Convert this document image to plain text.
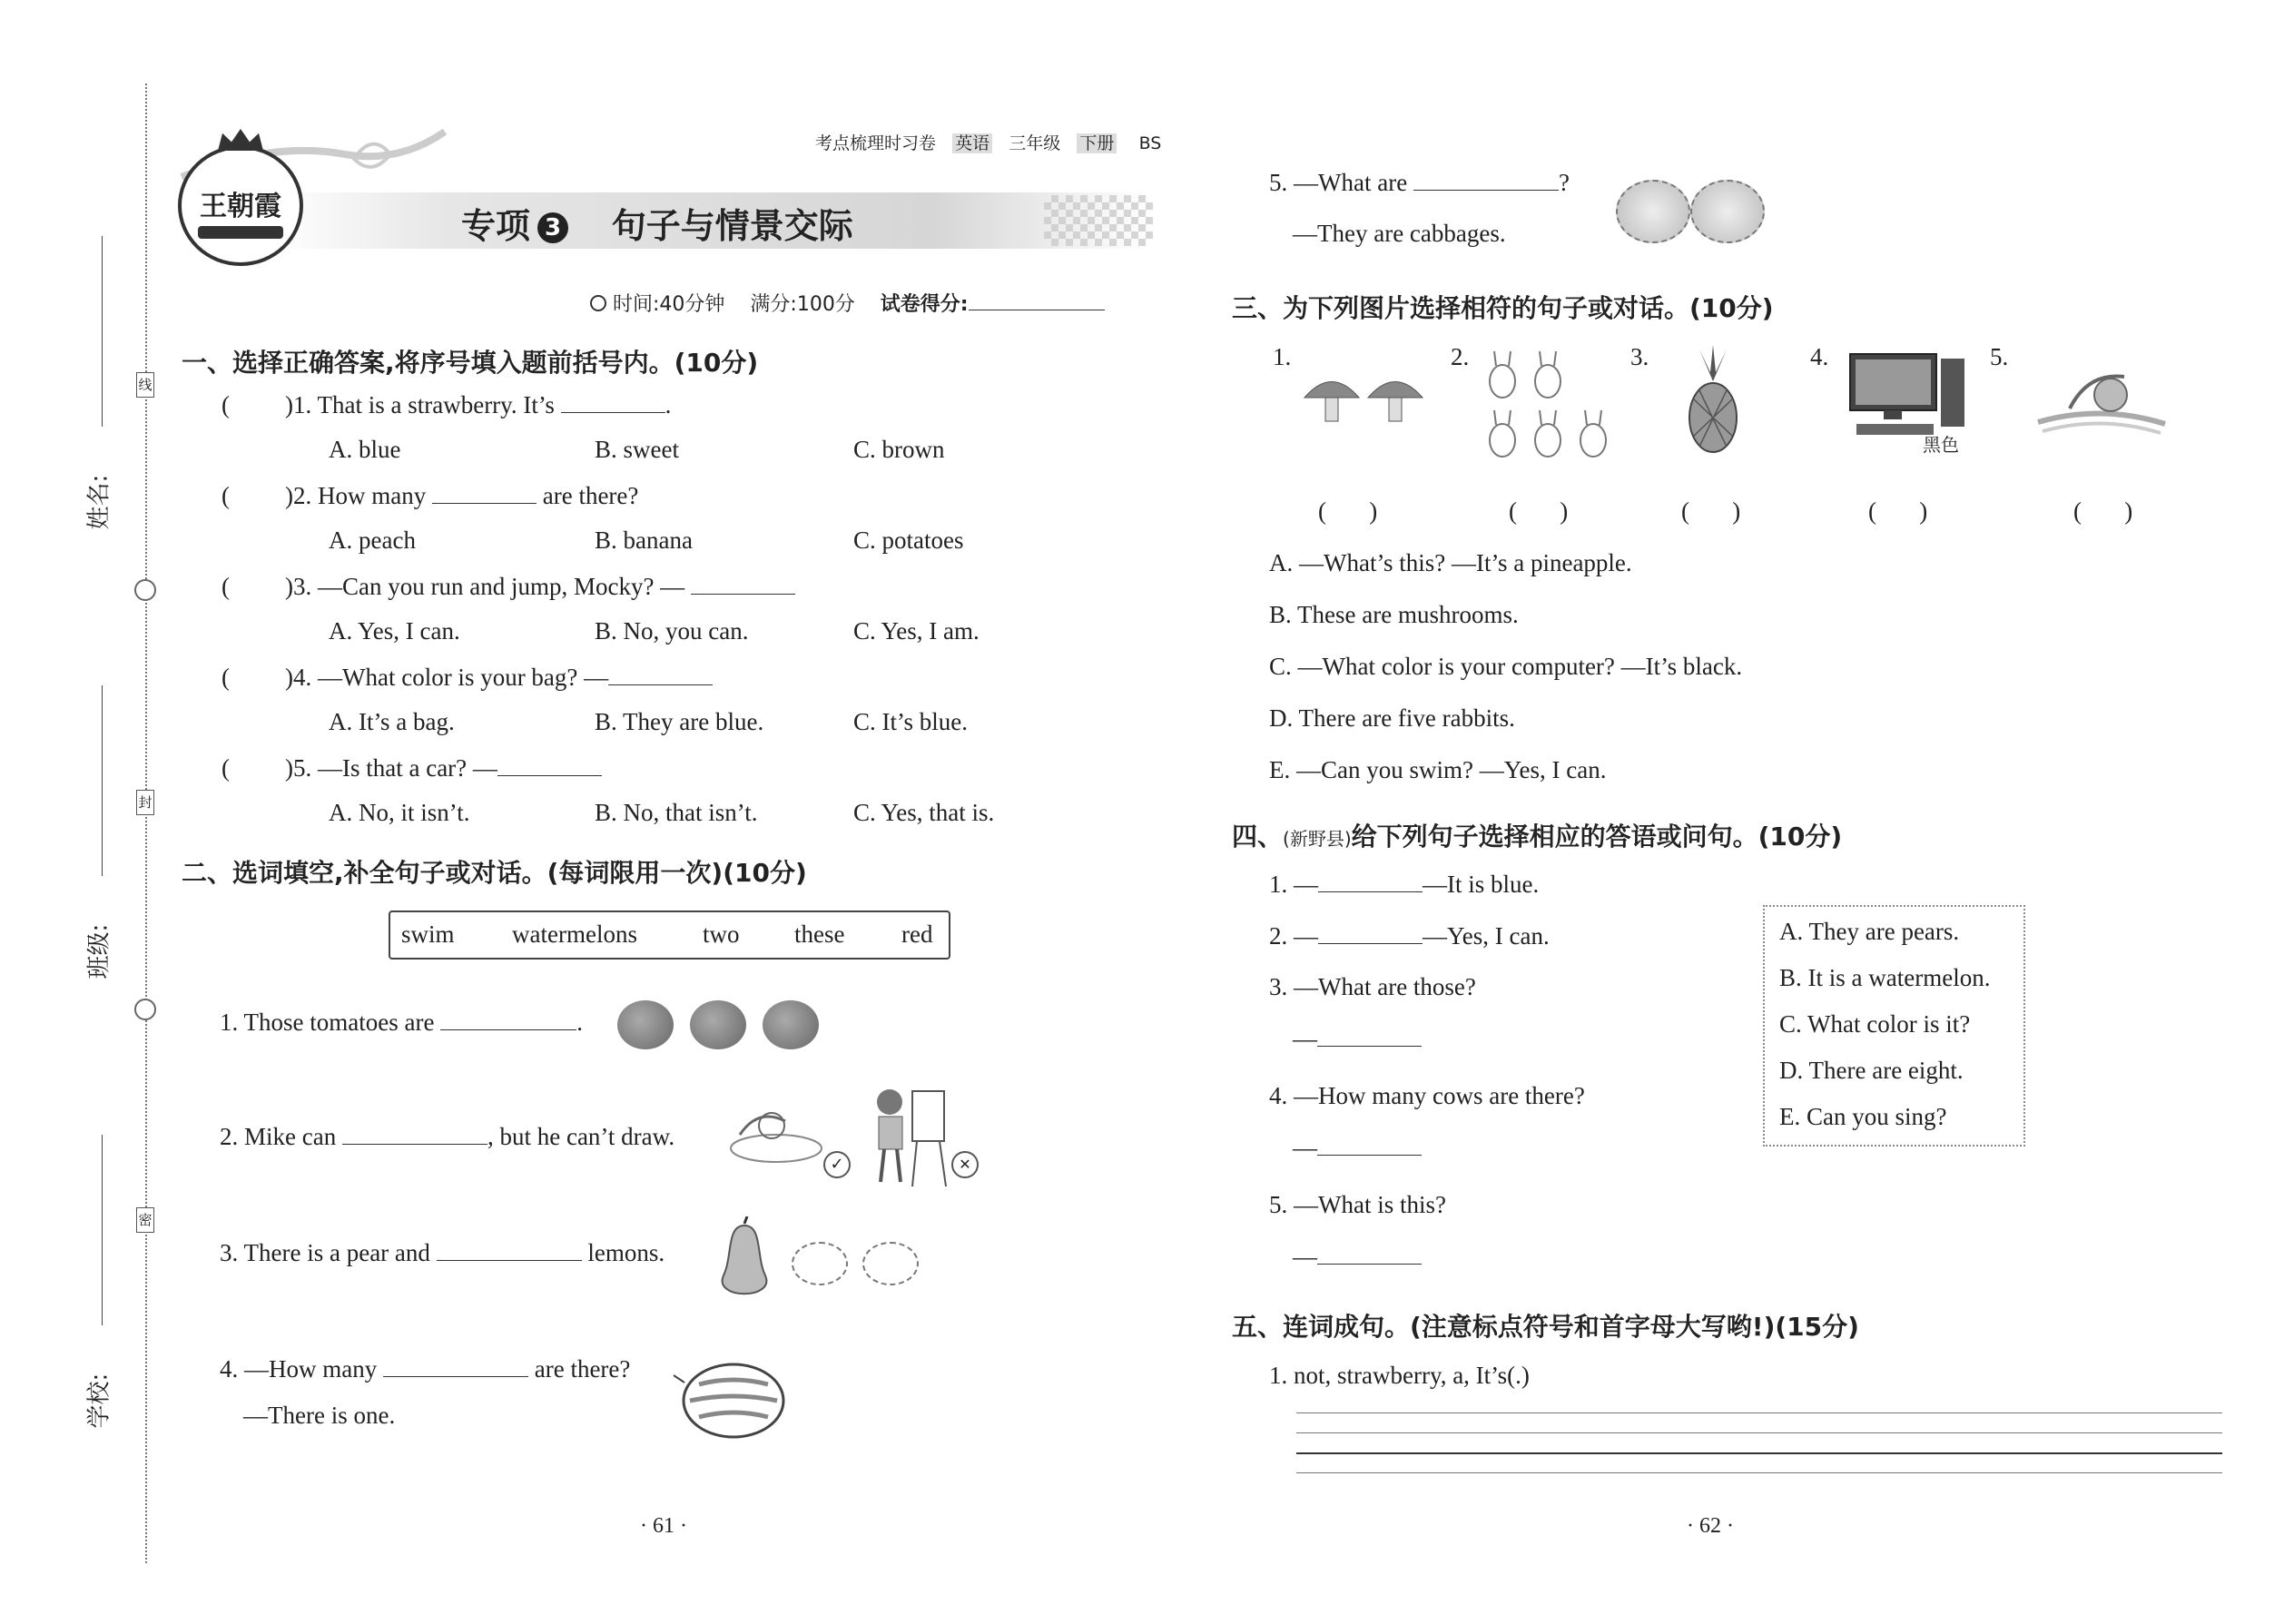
线
封
密
姓名:
班级:
学校:
考点梳理时习卷 英语 三年级 下册 BS
王朝霞	专项 3 句子与情景交际
时间:40分钟 满分:100分 试卷得分:
一、选择正确答案,将序号填入题前括号内。(10分)
( )1. That is a strawberry. It’s	.
A. blue	B. sweet	C. brown
( )2. How many	are there?
A. peach	B. banana	C. potatoes
( )3. —Can you run and jump, Mocky? —
A. Yes, I can.	B. No, you can.	C. Yes, I am.
( )4. —What color is your bag? —
A. It’s a bag.	B. They are blue.	C. It’s blue.
( )5. —Is that a car? —
A. No, it isn’t.	B. No, that isn’t.	C. Yes, that is.
二、选词填空,补全句子或对话。(每词限用一次)(10分)
swim watermelons	two these red
1. Those tomatoes are	.
2. Mike can	, but he can’t draw.
✓	✕
3. There is a pear and	lemons.
4. —How many	are there?
—There is one.
5. —What are	?
—They are cabbages.
三、为下列图片选择相符的句子或对话。(10分)
1.	2.	3.	4.	5.
黑色
(       )	(       )	(       )	(       )	(       )
A. —What’s this? —It’s a pineapple.
B. These are mushrooms.
C. —What color is your computer? —It’s black.
D. There are five rabbits.
E. —Can you swim? —Yes, I can.
四、(新野县)给下列句子选择相应的答语或问句。(10分)
1. —	—It is blue.
2. —	—Yes, I can.
3. —What are those?
—
4. —How many cows are there?
—
5. —What is this?
—
A. They are pears.
B. It is a watermelon.
C. What color is it?
D. There are eight.
E. Can you sing?
五、连词成句。(注意标点符号和首字母大写哟!)(15分)
1. not, strawberry, a, It’s(.)
· 61 ·	· 62 ·
